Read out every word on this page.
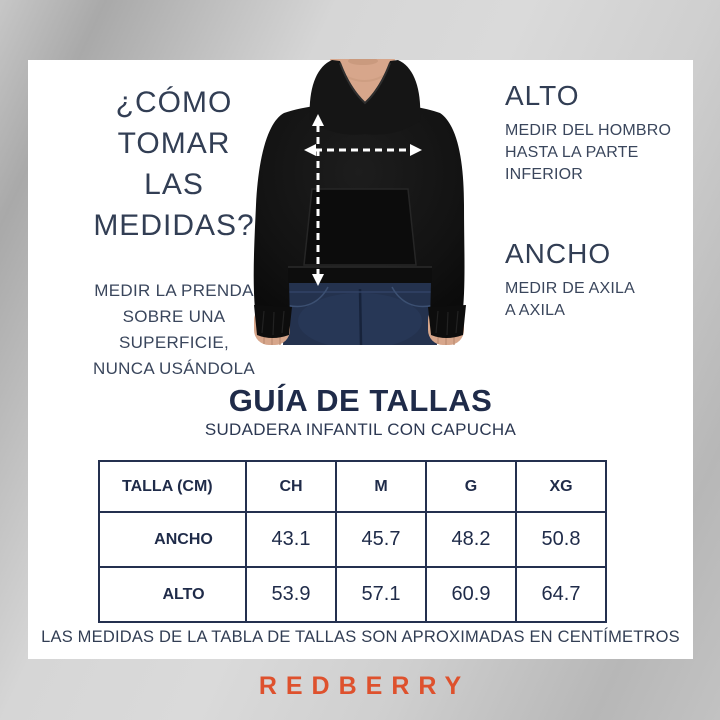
¿CÓMO TOMAR
LAS MEDIDAS?
MEDIR LA PRENDA
SOBRE UNA
SUPERFICIE,
NUNCA USÁNDOLA
ALTO
MEDIR DEL HOMBRO
HASTA LA PARTE
INFERIOR
ANCHO
MEDIR DE AXILA
A AXILA
GUÍA DE TALLAS
SUDADERA INFANTIL CON CAPUCHA
TALLA (CM)	CH	M	G	XG
ANCHO	43.1	45.7	48.2	50.8
ALTO	53.9	57.1	60.9	64.7
LAS MEDIDAS DE LA TABLA DE TALLAS SON APROXIMADAS EN CENTÍMETROS
REDBERRY
